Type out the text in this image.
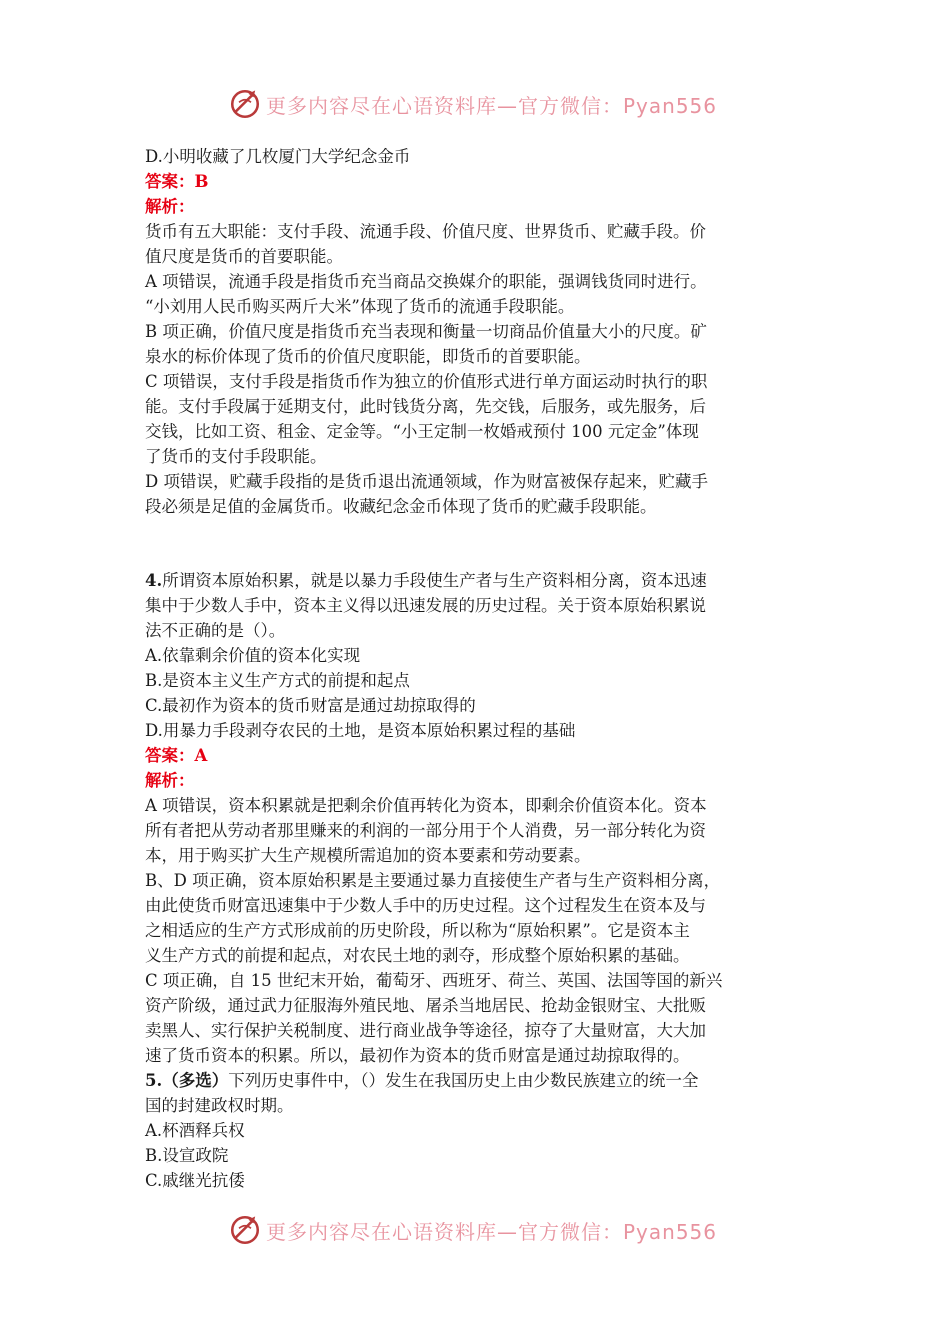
更多内容尽在心语资料库—官方微信：Pyan556
D.小明收藏了几枚厦门大学纪念金币
答案：B
解析：
货币有五大职能：支付手段、流通手段、价值尺度、世界货币、贮藏手段。价
值尺度是货币的首要职能。
A 项错误，流通手段是指货币充当商品交换媒介的职能，强调钱货同时进行。
“小刘用人民币购买两斤大米”体现了货币的流通手段职能。
B 项正确，价值尺度是指货币充当表现和衡量一切商品价值量大小的尺度。矿
泉水的标价体现了货币的价值尺度职能，即货币的首要职能。
C 项错误，支付手段是指货币作为独立的价值形式进行单方面运动时执行的职
能。支付手段属于延期支付，此时钱货分离，先交钱，后服务，或先服务，后
交钱，比如工资、租金、定金等。“小王定制一枚婚戒预付 100 元定金”体现
了货币的支付手段职能。
D 项错误，贮藏手段指的是货币退出流通领域，作为财富被保存起来，贮藏手
段必须是足值的金属货币。收藏纪念金币体现了货币的贮藏手段职能。
4.所谓资本原始积累，就是以暴力手段使生产者与生产资料相分离，资本迅速
集中于少数人手中，资本主义得以迅速发展的历史过程。关于资本原始积累说
法不正确的是（）。
A.依靠剩余价值的资本化实现
B.是资本主义生产方式的前提和起点
C.最初作为资本的货币财富是通过劫掠取得的
D.用暴力手段剥夺农民的土地，是资本原始积累过程的基础
答案：A
解析：
A 项错误，资本积累就是把剩余价值再转化为资本，即剩余价值资本化。资本
所有者把从劳动者那里赚来的利润的一部分用于个人消费，另一部分转化为资
本，用于购买扩大生产规模所需追加的资本要素和劳动要素。
B、D 项正确，资本原始积累是主要通过暴力直接使生产者与生产资料相分离，
由此使货币财富迅速集中于少数人手中的历史过程。这个过程发生在资本及与
之相适应的生产方式形成前的历史阶段，所以称为“原始积累”。它是资本主
义生产方式的前提和起点，对农民土地的剥夺，形成整个原始积累的基础。
C 项正确，自 15 世纪末开始，葡萄牙、西班牙、荷兰、英国、法国等国的新兴
资产阶级，通过武力征服海外殖民地、屠杀当地居民、抢劫金银财宝、大批贩
卖黑人、实行保护关税制度、进行商业战争等途径，掠夺了大量财富，大大加
速了货币资本的积累。所以，最初作为资本的货币财富是通过劫掠取得的。
5.（多选）下列历史事件中，（）发生在我国历史上由少数民族建立的统一全
国的封建政权时期。
A.杯酒释兵权
B.设宣政院
C.戚继光抗倭
更多内容尽在心语资料库—官方微信：Pyan556
